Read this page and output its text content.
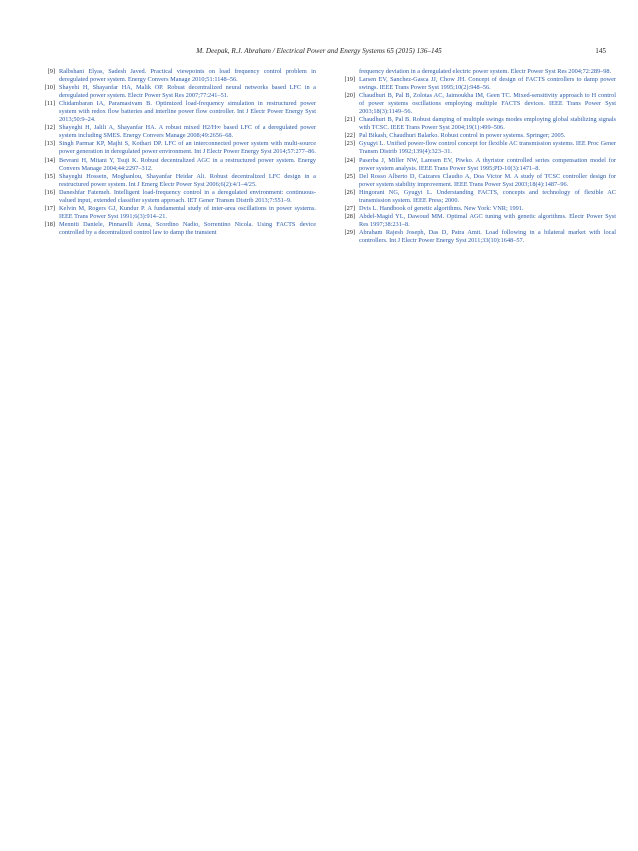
M. Deepak, R.J. Abraham / Electrical Power and Energy Systems 65 (2015) 136–145	145
[9] Ralbshani Elyas, Sadesh Javed. Practical viewpoints on load frequency control problem in deregulated power system. Energy Convers Manage 2010;51:1148–56.
[10] Shayehi H, Shayanfar HA, Malik OP. Robust decentralized neural networks based LFC in a deregulated power system. Electr Power Syst Res 2007;77:241–51.
[11] Chidambaran IA, Paramasivam B. Optimized load-frequency simulation in restructured power system with redox flow batteries and interline power flow controller. Int J Electr Power Energy Syst 2013;50:9–24.
[12] Shayeghi H, Jalili A, Shayanfar HA. A robust mixed H2/H∞ based LFC of a deregulated power system including SMES. Energy Convers Manage 2008;49:2656–68.
[13] Singh Parmar KP, Majhi S, Kothari DP. LFC of an interconnected power system with multi-source power generation in deregulated power environment. Int J Electr Power Energy Syst 2014;57:277–86.
[14] Bevrani H, Mitani Y, Tsuji K. Robust decentralized AGC in a restructured power system. Energy Convers Manage 2004;44:2297–312.
[15] Shayeghi Hossein, Moghanlou, Shayanfar Heidar Ali. Robust decentralized LFC design in a restructured power system. Int J Emerg Electr Power Syst 2006;6(2):4/1–4/25.
[16] Daneshfar Fatemeh. Intelligent load-frequency control in a deregulated environment: continuous-valued input, extended classifier system approach. IET Gener Transm Distrib 2013;7:551–9.
[17] Kelvin M, Rogers GJ, Kundur P. A fundamental study of inter-area oscillations in power systems. IEEE Trans Power Syst 1991;6(3):914–21.
[18] Menniti Daniele, Pinnarelli Anna, Scordino Nadio, Sorrentino Nicola. Using FACTS device controlled by a decentralized control law to damp the transient
frequency deviation in a deregulated electric power system. Electr Power Syst Res 2004;72:289–98.
[19] Larsen EV, Sanchez-Gasca JJ, Chow JH. Concept of design of FACTS controllers to damp power swings. IEEE Trans Power Syst 1995;10(2):948–56.
[20] Chaudhuri B, Pal B, Zolotas AC, Jaimoukha IM, Geen TC. Mixed-sensitivity approach to H control of power systems oscillations employing multiple FACTS devices. IEEE Trans Power Syst 2003;18(3):1149–56.
[21] Chaudhuri B, Pal B. Robust damping of multiple swings modes employing global stabilizing signals with TCSC. IEEE Trans Power Syst 2004;19(1):499–506.
[22] Pal Bikash, Chaudhuri Balarko. Robust control in power systems. Springer; 2005.
[23] Gyugyi L. Unified power-flow control concept for flexible AC transmission systems. IEE Proc Gener Transm Distrib 1992;139(4):323–31.
[24] Paserba J, Miller NW, Laresen EV, Piwko. A thyristor controlled series compensation model for power system analysis. IEEE Trans Power Syst 1995;PD-10(3):1471–8.
[25] Del Rosso Alberto D, Caizares Claudio A, Doa Victor M. A study of TCSC controller design for power system stability improvement. IEEE Trans Power Syst 2003;18(4):1487–96.
[26] Hingorani NG, Gyugyi L. Understanding FACTS, concepts and technology of flexible AC transmission system. IEEE Press; 2000.
[27] Dvis L. Handbook of genetic algorithms. New York: VNR; 1991.
[28] Abdel-Magid YL, Dawoud MM. Optimal AGC tuning with genetic algorithms. Electr Power Syst Res 1997;38:231–8.
[29] Abraham Rajesh Joseph, Das D, Patra Amit. Load following in a bilateral market with local controllers. Int J Electr Power Energy Syst 2011;33(10):1648–57.
